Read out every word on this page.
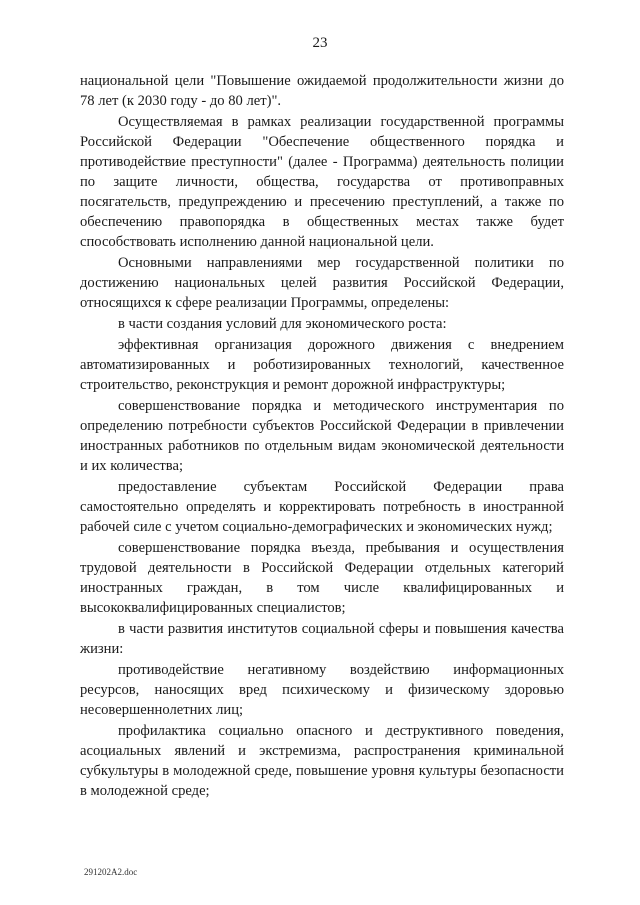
23

национальной цели "Повышение ожидаемой продолжительности жизни до 78 лет (к 2030 году - до 80 лет)".

Осуществляемая в рамках реализации государственной программы Российской Федерации "Обеспечение общественного порядка и противодействие преступности" (далее - Программа) деятельность полиции по защите личности, общества, государства от противоправных посягательств, предупреждению и пресечению преступлений, а также по обеспечению правопорядка в общественных местах также будет способствовать исполнению данной национальной цели.

Основными направлениями мер государственной политики по достижению национальных целей развития Российской Федерации, относящихся к сфере реализации Программы, определены:

в части создания условий для экономического роста:

эффективная организация дорожного движения с внедрением автоматизированных и роботизированных технологий, качественное строительство, реконструкция и ремонт дорожной инфраструктуры;

совершенствование порядка и методического инструментария по определению потребности субъектов Российской Федерации в привлечении иностранных работников по отдельным видам экономической деятельности и их количества;

предоставление субъектам Российской Федерации права самостоятельно определять и корректировать потребность в иностранной рабочей силе с учетом социально-демографических и экономических нужд;

совершенствование порядка въезда, пребывания и осуществления трудовой деятельности в Российской Федерации отдельных категорий иностранных граждан, в том числе квалифицированных и высококвалифицированных специалистов;

в части развития институтов социальной сферы и повышения качества жизни:

противодействие негативному воздействию информационных ресурсов, наносящих вред психическому и физическому здоровью несовершеннолетних лиц;

профилактика социально опасного и деструктивного поведения, асоциальных явлений и экстремизма, распространения криминальной субкультуры в молодежной среде, повышение уровня культуры безопасности в молодежной среде;

291202A2.doc
